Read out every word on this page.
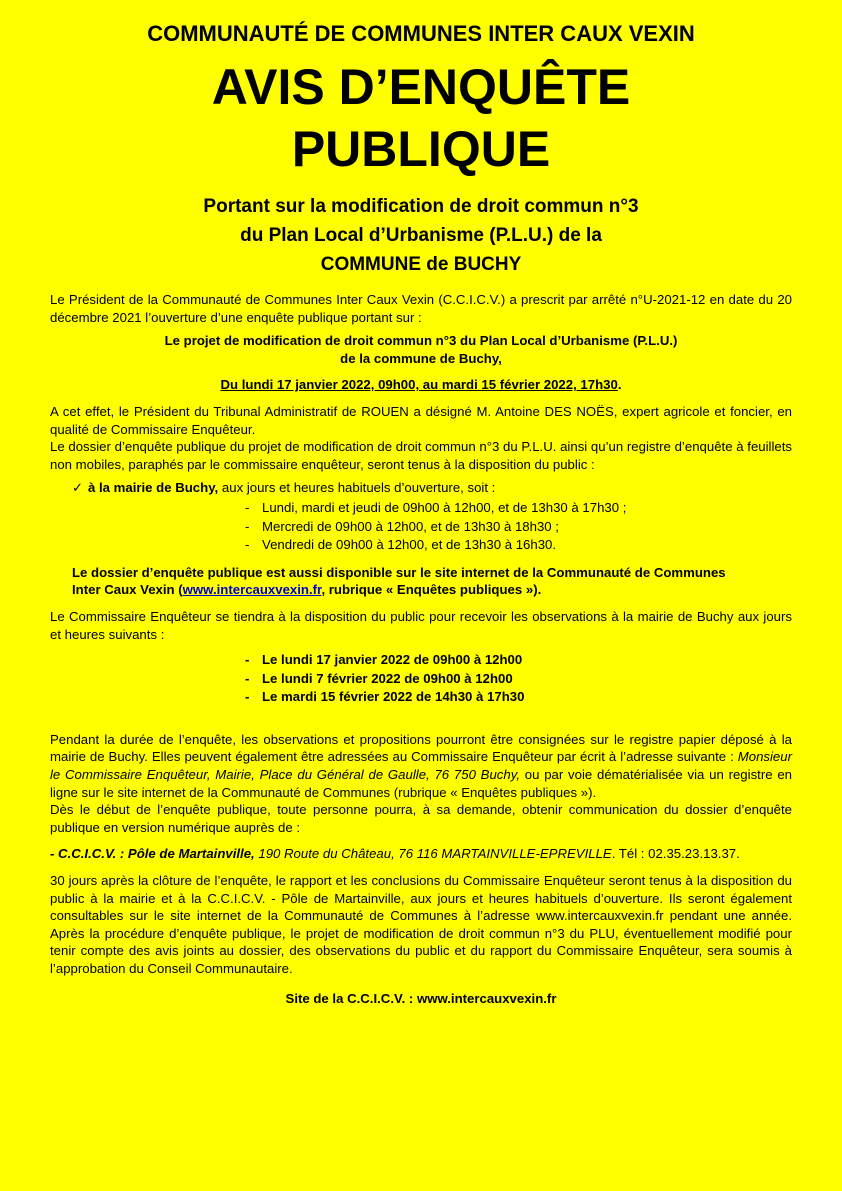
COMMUNAUTÉ DE COMMUNES INTER CAUX VEXIN
AVIS D’ENQUÊTE
PUBLIQUE
Portant sur la modification de droit commun n°3
du Plan Local d’Urbanisme (P.L.U.) de la
COMMUNE de BUCHY

Le Président de la Communauté de Communes Inter Caux Vexin (C.C.I.C.V.) a prescrit par arrêté n°U-2021-12 en date du 20 décembre 2021 l’ouverture d’une enquête publique portant sur :

Le projet de modification de droit commun n°3 du Plan Local d’Urbanisme (P.L.U.)

de la commune de Buchy,

Du lundi 17 janvier 2022, 09h00, au mardi 15 février 2022, 17h30.

A cet effet, le Président du Tribunal Administratif de ROUEN a désigné M. Antoine DES NOËS, expert agricole et foncier, en qualité de Commissaire Enquêteur.

Le dossier d’enquête publique du projet de modification de droit commun n°3 du P.L.U. ainsi qu’un registre d’enquête à feuillets non mobiles, paraphés par le commissaire enquêteur, seront tenus à la disposition du public :

✓ à la mairie de Buchy, aux jours et heures habituels d’ouverture, soit :

- Lundi, mardi et jeudi de 09h00 à 12h00, et de 13h30 à 17h30 ;
- Mercredi de 09h00 à 12h00, et de 13h30 à 18h30 ;
- Vendredi de 09h00 à 12h00, et de 13h30 à 16h30.

Le dossier d’enquête publique est aussi disponible sur le site internet de la Communauté de Communes

Inter Caux Vexin (www.intercauxvexin.fr, rubrique « Enquêtes publiques »).

Le Commissaire Enquêteur se tiendra à la disposition du public pour recevoir les observations à la mairie de Buchy aux jours et heures suivants :

- Le lundi 17 janvier 2022 de 09h00 à 12h00
- Le lundi 7 février 2022 de 09h00 à 12h00
- Le mardi 15 février 2022 de 14h30 à 17h30

Pendant la durée de l’enquête, les observations et propositions pourront être consignées sur le registre papier déposé à la mairie de Buchy. Elles peuvent également être adressées au Commissaire Enquêteur par écrit à l’adresse suivante : Monsieur le Commissaire Enquêteur, Mairie, Place du Général de Gaulle, 76 750 Buchy, ou par voie dématérialisée via un registre en ligne sur le site internet de la Communauté de Communes (rubrique « Enquêtes publiques »).

Dès le début de l’enquête publique, toute personne pourra, à sa demande, obtenir communication du dossier d’enquête publique en version numérique auprès de :

- C.C.I.C.V. : Pôle de Martainville, 190 Route du Château, 76 116 MARTAINVILLE-EPREVILLE. Tél : 02.35.23.13.37.

30 jours après la clôture de l’enquête, le rapport et les conclusions du Commissaire Enquêteur seront tenus à la disposition du public à la mairie et à la C.C.I.C.V. - Pôle de Martainville, aux jours et heures habituels d’ouverture. Ils seront également consultables sur le site internet de la Communauté de Communes à l’adresse www.intercauxvexin.fr pendant une année. Après la procédure d’enquête publique, le projet de modification de droit commun n°3 du PLU, éventuellement modifié pour tenir compte des avis joints au dossier, des observations du public et du rapport du Commissaire Enquêteur, sera soumis à l’approbation du Conseil Communautaire.

Site de la C.C.I.C.V. : www.intercauxvexin.fr
